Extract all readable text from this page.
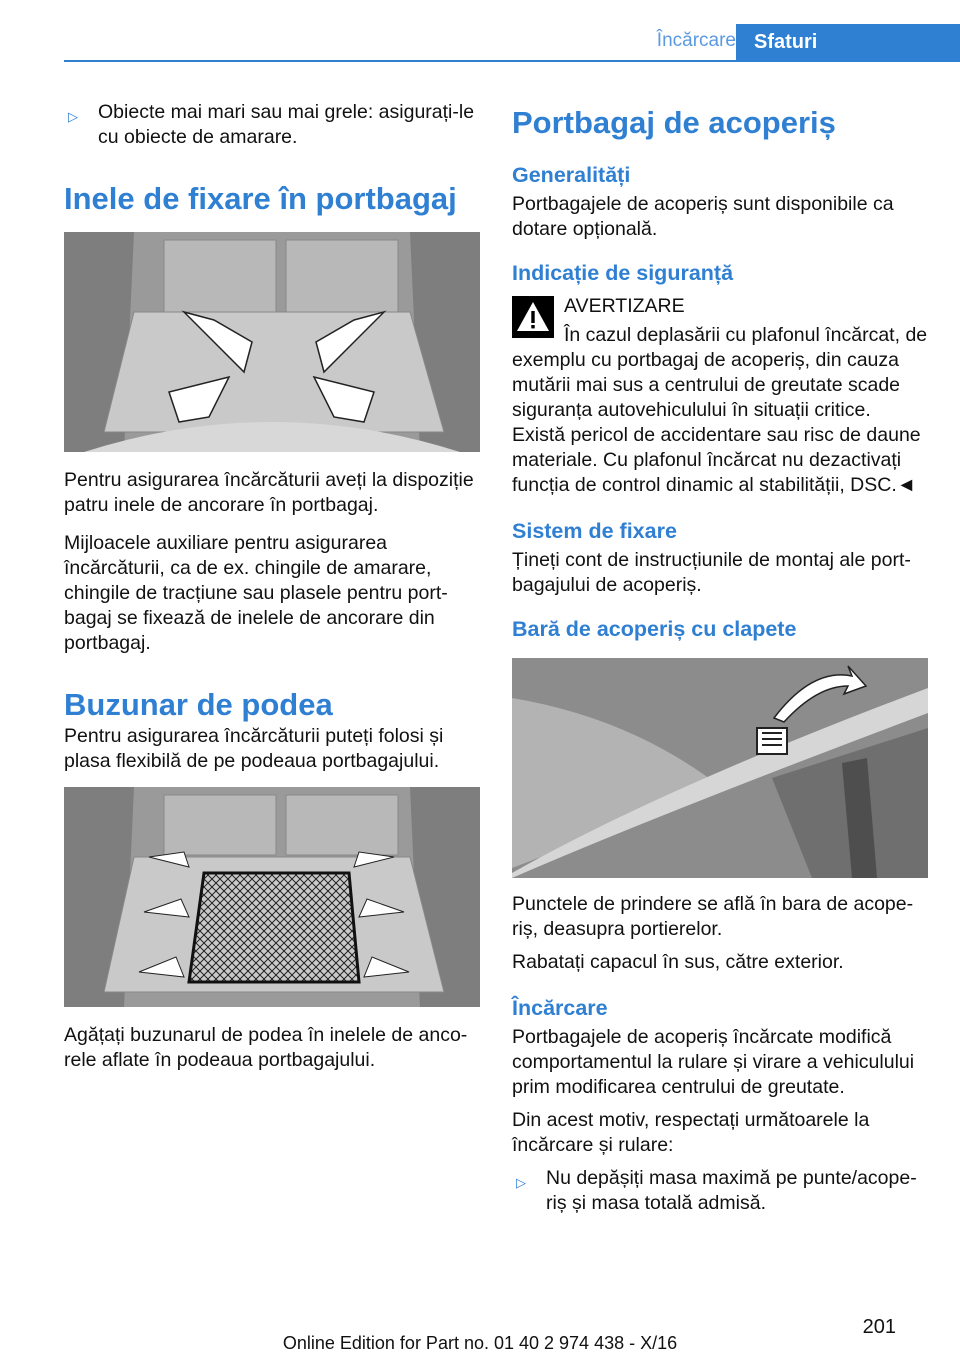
Încărcare Sfaturi
▷	Obiecte mai mari sau mai grele: asigurați-le cu obiecte de amarare.
Inele de fixare în portbagaj

Pentru asigurarea încărcăturii aveți la dispoziție patru inele de ancorare în portbagaj.

Mijloacele auxiliare pentru asigurarea încărcăturii, ca de ex. chingile de amarare, chingile de tracțiune sau plasele pentru port‐bagaj se fixează de inelele de ancorare din portbagaj.

Buzunar de podea

Pentru asigurarea încărcăturii puteți folosi și plasa flexibilă de pe podeaua portbagajului.

Agățați buzunarul de podea în inelele de anco‐rele aflate în podeaua portbagajului.

Portbagaj de acoperiș
Generalități

Portbagajele de acoperiș sunt disponibile ca dotare opțională.

Indicație de siguranță
AVERTIZARE
În cazul deplasării cu plafonul încărcat, de exemplu cu portbagaj de acoperiș, din cauza mutării mai sus a centrului de greutate scade siguranța autovehiculului în situații critice. Există pericol de accidentare sau risc de daune materiale. Cu plafonul încărcat nu dezactivați funcția de control dinamic al stabilității, DSC.◄
Sistem de fixare

Țineți cont de instrucțiunile de montaj ale port‐bagajului de acoperiș.

Bară de acoperiș cu clapete

Punctele de prindere se află în bara de acope‐riș, deasupra portierelor.

Rabatați capacul în sus, către exterior.

Încărcare

Portbagajele de acoperiș încărcate modifică comportamentul la rulare și virare a vehiculului prim modificarea centrului de greutate.

Din acest motiv, respectați următoarele la încărcare și rulare:

▷	Nu depășiți masa maximă pe punte/acope‐riș și masa totală admisă.
201
Online Edition for Part no. 01 40 2 974 438 - X/16
